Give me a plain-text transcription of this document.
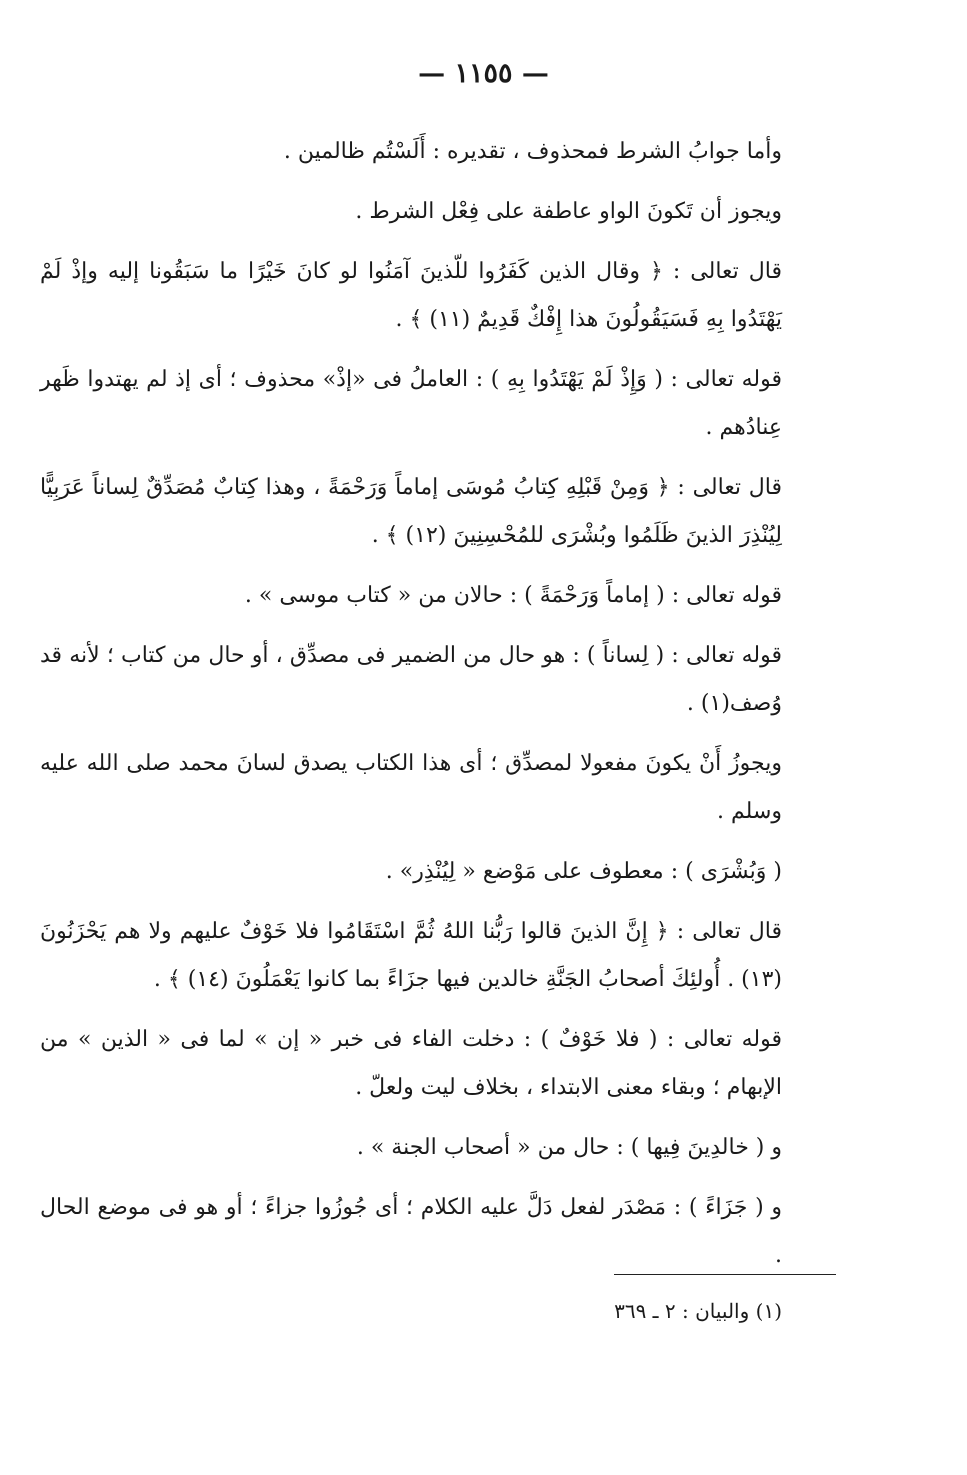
— ١١٥٥ —

وأما جوابُ الشرط فمحذوف ، تقديره : أَلَسْتُم ظالمين .

ويجوز أن تَكونَ الواو عاطفة على فِعْل الشرط .

قال تعالى : ﴿ وقال الذين كَفَرُوا للّذينَ آمَنُوا لو كانَ خَيْرًا ما سَبَقُونا إليه وإذْ لَمْ يَهْتَدُوا بِهِ فَسَيَقُولُونَ هذا إِفْكٌ قَدِيمٌ (١١) ﴾ .

قوله تعالى : ( وَإِذْ لَمْ يَهْتَدُوا بِهِ ) : العاملُ فى «إذْ» محذوف ؛ أى إذ لم يهتدوا ظَهر عِنادُهم .

قال تعالى : ﴿ وَمِنْ قَبْلِهِ كِتابُ مُوسَى إماماً وَرَحْمَةً ، وهذا كِتابٌ مُصَدِّقٌ لِساناً عَرَبِيًّا لِيُنْذِرَ الذينَ ظَلَمُوا وبُشْرَى للمُحْسِنِينَ (١٢) ﴾ .

قوله تعالى : ( إماماً وَرَحْمَةً ) : حالان من « كتاب موسى » .

قوله تعالى : ( لِساناً ) : هو حال من الضمير فى مصدِّق ، أو حال من كتاب ؛ لأنه قد وُصف(١) .

ويجوزُ أَنْ يكونَ مفعولا لمصدِّق ؛ أى هذا الكتاب يصدق لسانَ محمد صلى الله عليه وسلم .

( وَبُشْرَى ) : معطوف على مَوْضع « لِيُنْذِر» .

قال تعالى : ﴿ إِنَّ الذينَ قالوا رَبُّنا اللهُ ثُمَّ اسْتَقَامُوا فلا خَوْفٌ عليهم ولا هم يَحْزَنُونَ (١٣) . أُولئِكَ أصحابُ الجَنَّةِ خالدين فيها جزَاءً بما كانوا يَعْمَلُونَ (١٤) ﴾ .

قوله تعالى : ( فلا خَوْفٌ ) : دخلت الفاء فى خبر « إن » لما فى « الذين » من الإبهام ؛ وبقاء معنى الابتداء ، بخلاف ليت ولعلّ .

و ( خالدِينَ فِيها ) : حال من « أصحاب الجنة » .

و ( جَزَاءً ) : مَصْدَر لفعل دَلَّ عليه الكلام ؛ أى جُوزُوا جزاءً ؛ أو هو فى موضع الحال .

(١) والبيان : ٢ ـ ٣٦٩
